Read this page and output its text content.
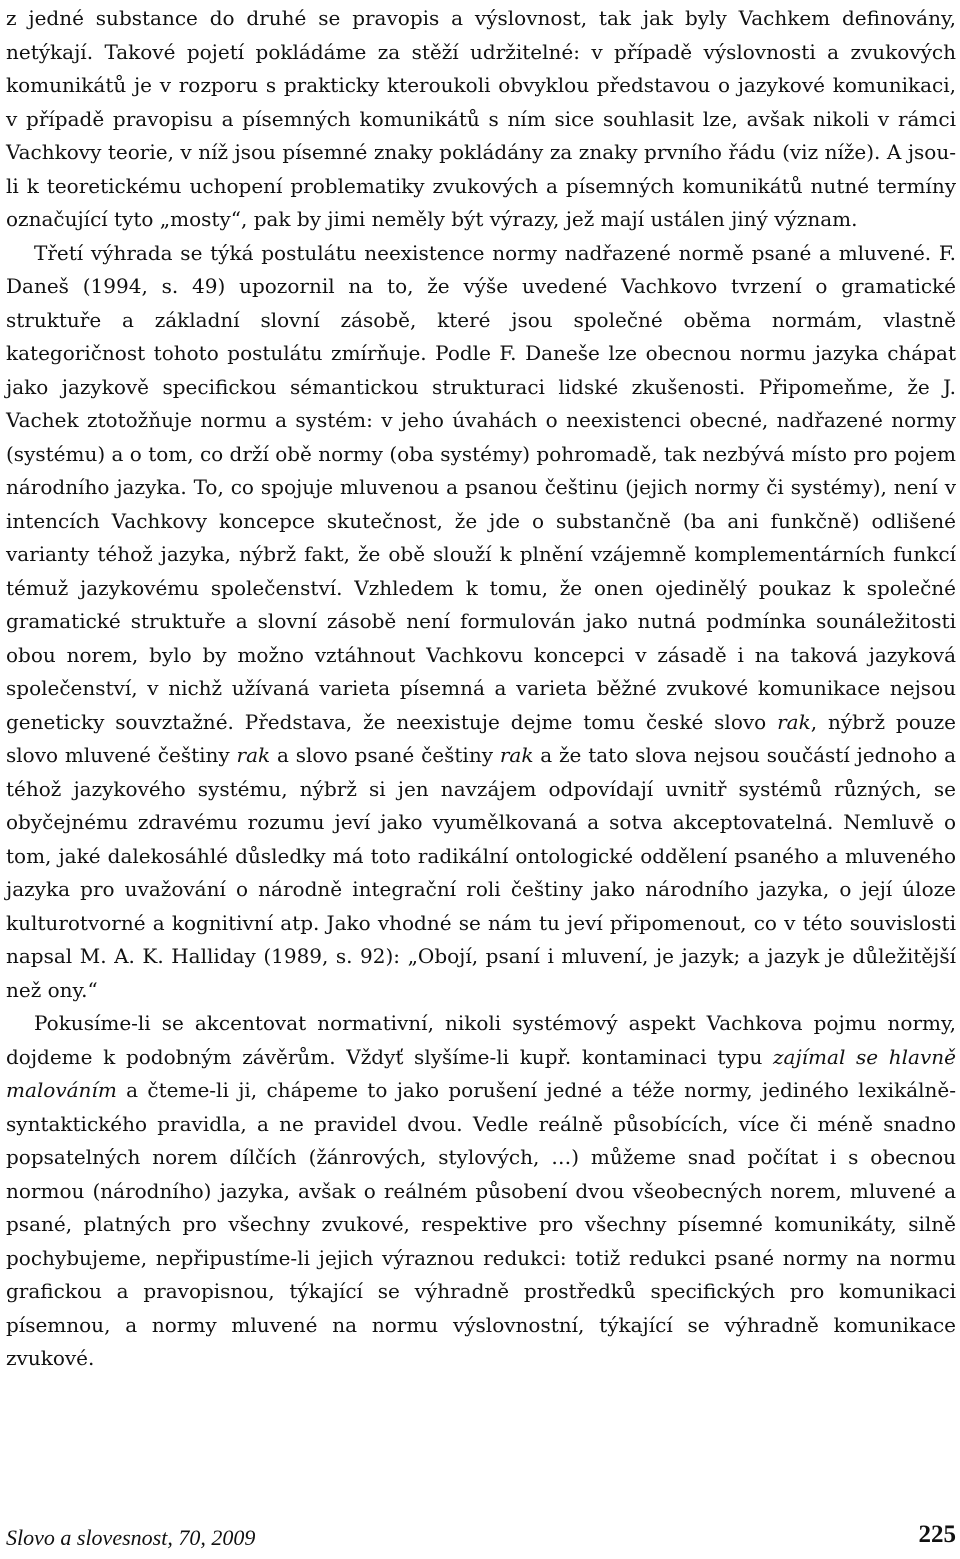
z jedné substance do druhé se pravopis a výslovnost, tak jak byly Vachkem definovány, netýkají. Takové pojetí pokládáme za stěží udržitelné: v případě výslovnosti a zvukových komunikátů je v rozporu s prakticky kteroukoli obvyklou představou o jazykové komunikaci, v případě pravopisu a písemných komunikátů s ním sice souhlasit lze, avšak nikoli v rámci Vachkovy teorie, v níž jsou písemné znaky pokládány za znaky prvního řádu (viz níže). A jsou-li k teoretickému uchopení problematiky zvukových a písemných komunikátů nutné termíny označující tyto „mosty“, pak by jimi neměly být výrazy, jež mají ustálen jiný význam.

Třetí výhrada se týká postulátu neexistence normy nadřazené normě psané a mluvené. F. Daneš (1994, s. 49) upozornil na to, že výše uvedené Vachkovo tvrzení o gramatické struktuře a základní slovní zásobě, které jsou společné oběma normám, vlastně kategoričnost tohoto postulátu zmírňuje. Podle F. Daneše lze obecnou normu jazyka chápat jako jazykově specifickou sémantickou strukturaci lidské zkušenosti. Připomeňme, že J. Vachek ztotožňuje normu a systém: v jeho úvahách o neexistenci obecné, nadřazené normy (systému) a o tom, co drží obě normy (oba systémy) pohromadě, tak nezbývá místo pro pojem národního jazyka. To, co spojuje mluvenou a psanou češtinu (jejich normy či systémy), není v intencích Vachkovy koncepce skutečnost, že jde o substančně (ba ani funkčně) odlišené varianty téhož jazyka, nýbrž fakt, že obě slouží k plnění vzájemně komplementárních funkcí témuž jazykovému společenství. Vzhledem k tomu, že onen ojedinělý poukaz k společné gramatické struktuře a slovní zásobě není formulován jako nutná podmínka sounáležitosti obou norem, bylo by možno vztáhnout Vachkovu koncepci v zásadě i na taková jazyková společenství, v nichž užívaná varieta písemná a varieta běžné zvukové komunikace nejsou geneticky souvztažné. Představa, že neexistuje dejme tomu české slovo rak, nýbrž pouze slovo mluvené češtiny rak a slovo psané češtiny rak a že tato slova nejsou součástí jednoho a téhož jazykového systému, nýbrž si jen navzájem odpovídají uvnitř systémů různých, se obyčejnému zdravému rozumu jeví jako vyumělkovaná a sotva akceptovatelná. Nemluvě o tom, jaké dalekosáhlé důsledky má toto radikální ontologické oddělení psaného a mluveného jazyka pro uvažování o národně integrační roli češtiny jako národního jazyka, o její úloze kulturotvorné a kognitivní atp. Jako vhodné se nám tu jeví připomenout, co v této souvislosti napsal M. A. K. Halliday (1989, s. 92): „Obojí, psaní i mluvení, je jazyk; a jazyk je důležitější než ony.“

Pokusíme-li se akcentovat normativní, nikoli systémový aspekt Vachkova pojmu normy, dojdeme k podobným závěrům. Vždyť slyšíme-li kupř. kontaminaci typu zajímal se hlavně malováním a čteme-li ji, chápeme to jako porušení jedné a téže normy, jediného lexikálně-syntaktického pravidla, a ne pravidel dvou. Vedle reálně působících, více či méně snadno popsatelných norem dílčích (žánrových, stylových, …) můžeme snad počítat i s obecnou normou (národního) jazyka, avšak o reálném působení dvou všeobecných norem, mluvené a psané, platných pro všechny zvukové, respektive pro všechny písemné komunikáty, silně pochybujeme, nepřipustíme-li jejich výraznou redukci: totiž redukci psané normy na normu grafickou a pravopisnou, týkající se výhradně prostředků specifických pro komunikaci písemnou, a normy mluvené na normu výslovnostní, týkající se výhradně komunikace zvukové.

Slovo a slovesnost, 70, 2009	225
